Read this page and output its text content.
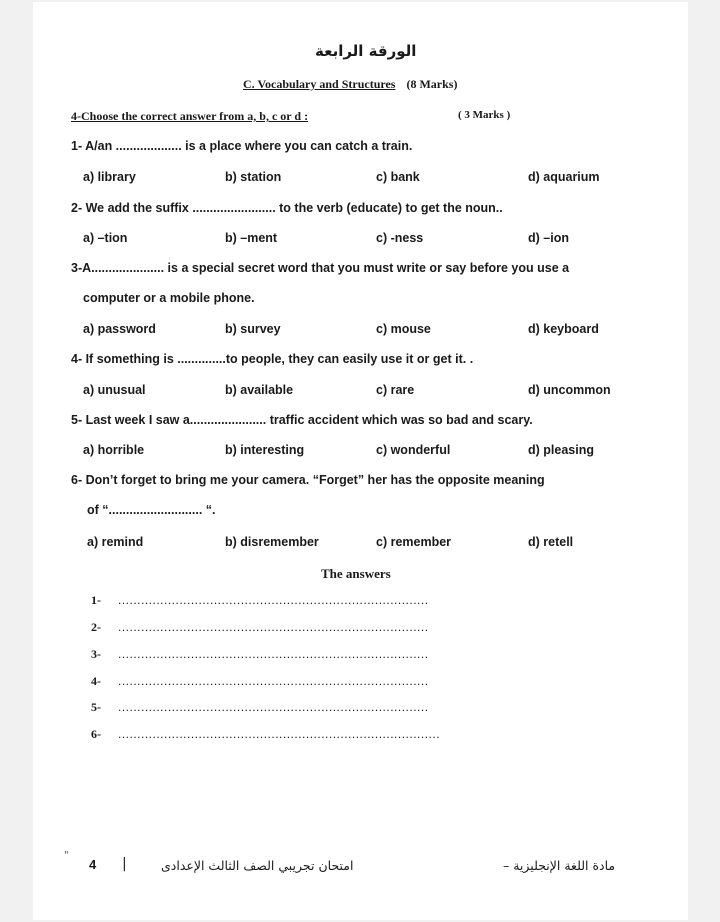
الورقة الرابعة
C. Vocabulary and Structures (8 Marks)
4-Choose the correct answer from a, b, c or d :	( 3 Marks )
1- A/an ................... is a place where you can catch a train.
a) library	b) station	c) bank	d) aquarium
2- We add the suffix ........................ to the verb (educate) to get the noun..
a) –tion	b) –ment	c) -ness	d) –ion
3-A..................... is a special secret word that you must write or say before you use a
computer or a mobile phone.
a) password	b) survey	c) mouse	d) keyboard
4- If something is ..............to people, they can easily use it or get it. .
a) unusual	b) available	c) rare	d) uncommon
5- Last week I saw a...................... traffic accident which was so bad and scary.
a) horrible	b) interesting	c) wonderful	d) pleasing
6- Don’t forget to bring me your camera. “Forget” her has the opposite meaning
of “........................... “.
a) remind	b) disremember	c) remember	d) retell
The answers
1- .................................................................................
2- .................................................................................
3- .................................................................................
4- .................................................................................
5- .................................................................................
6- ....................................................................................
"
4 |	امتحان تجريبي الصف الثالث الإعدادى	مادة اللغة الإنجليزية –
